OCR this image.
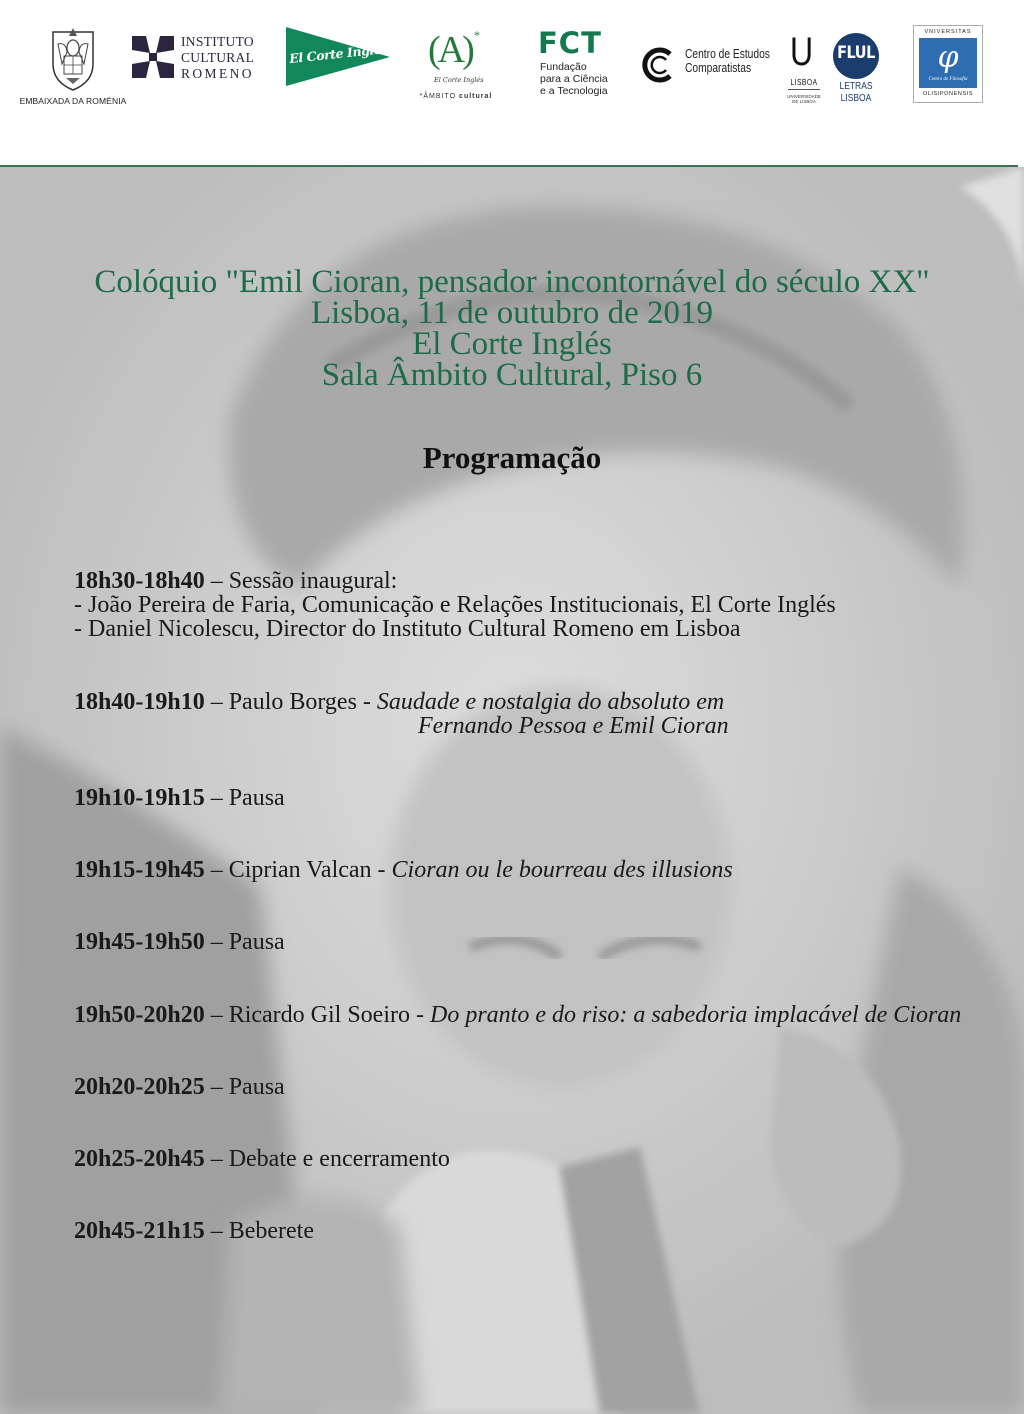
EMBAIXADA DA ROMÉNIA
INSTITUTO
CULTURAL
ROMENO
El Corte Inglés (A) *
El Corte Inglés
*ÂMBITO cultural
FCT
Fundação
para a Ciência
e a Tecnologia
Centro de Estudos
Comparatistas U
LISBOA
UNIVERSIDADE
DE LISBOA
FLUL
LETRAS
LISBOA
VNIVERSITAS
φ
Centro de Filosofia
OLISIPONENSIS
Colóquio "Emil Cioran, pensador incontornável do século XX"
Lisboa, 11 de outubro de 2019
El Corte Inglés
Sala Âmbito Cultural, Piso 6
Programação
18h30-18h40 – Sessão inaugural:
- João Pereira de Faria, Comunicação e Relações Institucionais, El Corte Inglés
- Daniel Nicolescu, Director do Instituto Cultural Romeno em Lisboa
18h40-19h10 – Paulo Borges - Saudade e nostalgia do absoluto em
Fernando Pessoa e Emil Cioran
19h10-19h15 – Pausa
19h15-19h45 – Ciprian Valcan - Cioran ou le bourreau des illusions
19h45-19h50 – Pausa
19h50-20h20 – Ricardo Gil Soeiro - Do pranto e do riso: a sabedoria implacável de Cioran
20h20-20h25 – Pausa
20h25-20h45 – Debate e encerramento
20h45-21h15 – Beberete
